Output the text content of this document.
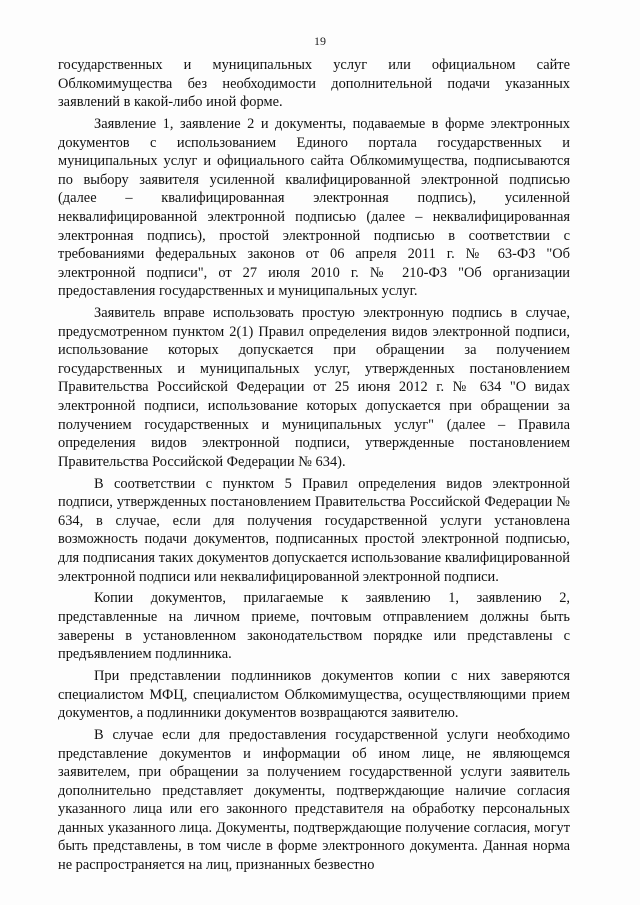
19

государственных и муниципальных услуг или официальном сайте Облкомимущества без необходимости дополнительной подачи указанных заявлений в какой-либо иной форме.

Заявление 1, заявление 2 и документы, подаваемые в форме электронных документов с использованием Единого портала государственных и муниципальных услуг и официального сайта Облкомимущества, подписываются по выбору заявителя усиленной квалифицированной электронной подписью (далее – квалифицированная электронная подпись), усиленной неквалифицированной электронной подписью (далее – неквалифицированная электронная подпись), простой электронной подписью в соответствии с требованиями федеральных законов от 06 апреля 2011 г. № 63-ФЗ "Об электронной подписи", от 27 июля 2010 г. № 210-ФЗ "Об организации предоставления государственных и муниципальных услуг.

Заявитель вправе использовать простую электронную подпись в случае, предусмотренном пунктом 2(1) Правил определения видов электронной подписи, использование которых допускается при обращении за получением государственных и муниципальных услуг, утвержденных постановлением Правительства Российской Федерации от 25 июня 2012 г. № 634 "О видах электронной подписи, использование которых допускается при обращении за получением государственных и муниципальных услуг" (далее – Правила определения видов электронной подписи, утвержденные постановлением Правительства Российской Федерации № 634).

В соответствии с пунктом 5 Правил определения видов электронной подписи, утвержденных постановлением Правительства Российской Федерации № 634, в случае, если для получения государственной услуги установлена возможность подачи документов, подписанных простой электронной подписью, для подписания таких документов допускается использование квалифицированной электронной подписи или неквалифицированной электронной подписи.

Копии документов, прилагаемые к заявлению 1, заявлению 2, представленные на личном приеме, почтовым отправлением должны быть заверены в установленном законодательством порядке или представлены с предъявлением подлинника.

При представлении подлинников документов копии с них заверяются специалистом МФЦ, специалистом Облкомимущества, осуществляющими прием документов, а подлинники документов возвращаются заявителю.

В случае если для предоставления государственной услуги необходимо представление документов и информации об ином лице, не являющемся заявителем, при обращении за получением государственной услуги заявитель дополнительно представляет документы, подтверждающие наличие согласия указанного лица или его законного представителя на обработку персональных данных указанного лица. Документы, подтверждающие получение согласия, могут быть представлены, в том числе в форме электронного документа. Данная норма не распространяется на лиц, признанных безвестно
